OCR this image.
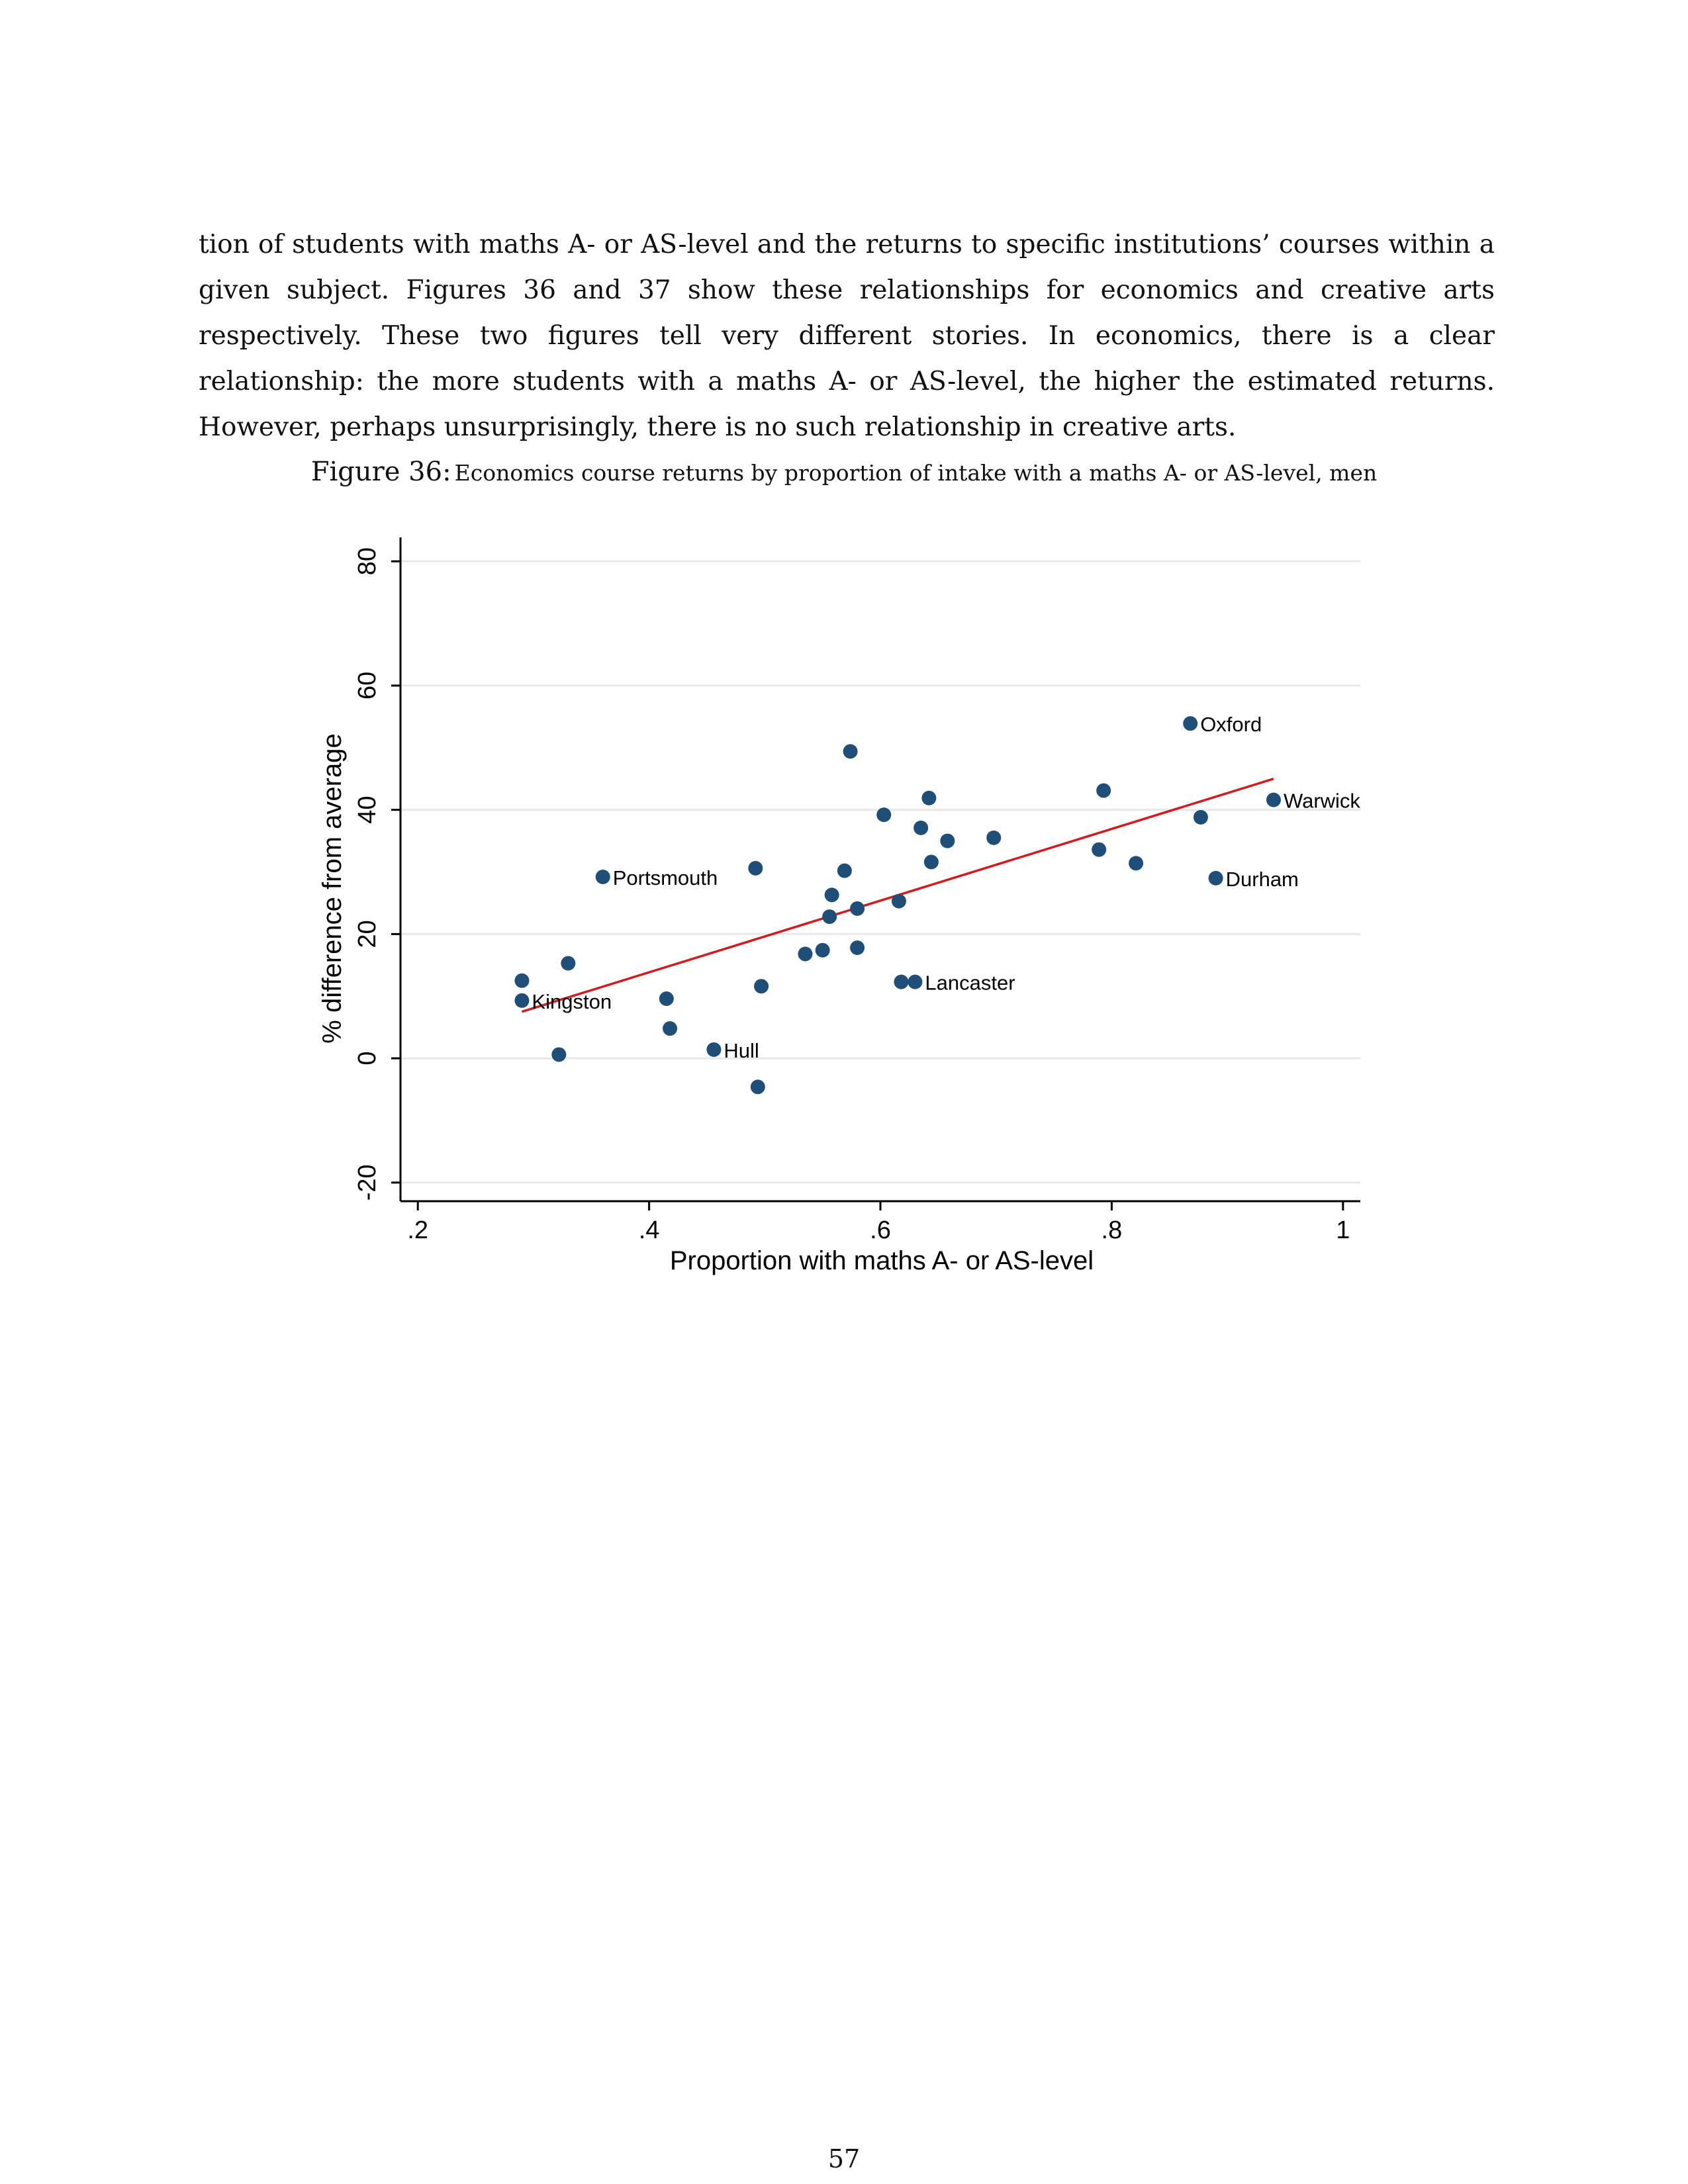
tion of students with maths A- or AS-level and the returns to specific institutions’ courses within a given subject. Figures 36 and 37 show these relationships for economics and creative arts respectively. These two figures tell very different stories. In economics, there is a clear relationship: the more students with a maths A- or AS-level, the higher the estimated returns. However, perhaps unsurprisingly, there is no such relationship in creative arts.

Figure 36: Economics course returns by proportion of intake with a maths A- or AS-level, men
-20
0
20
40
60
80
.2	.4	.6	.8	1
Kingston
Portsmouth
Hull
Lancaster
Oxford
Durham
Warwick
Proportion with maths A- or AS-level
% difference from average
57
